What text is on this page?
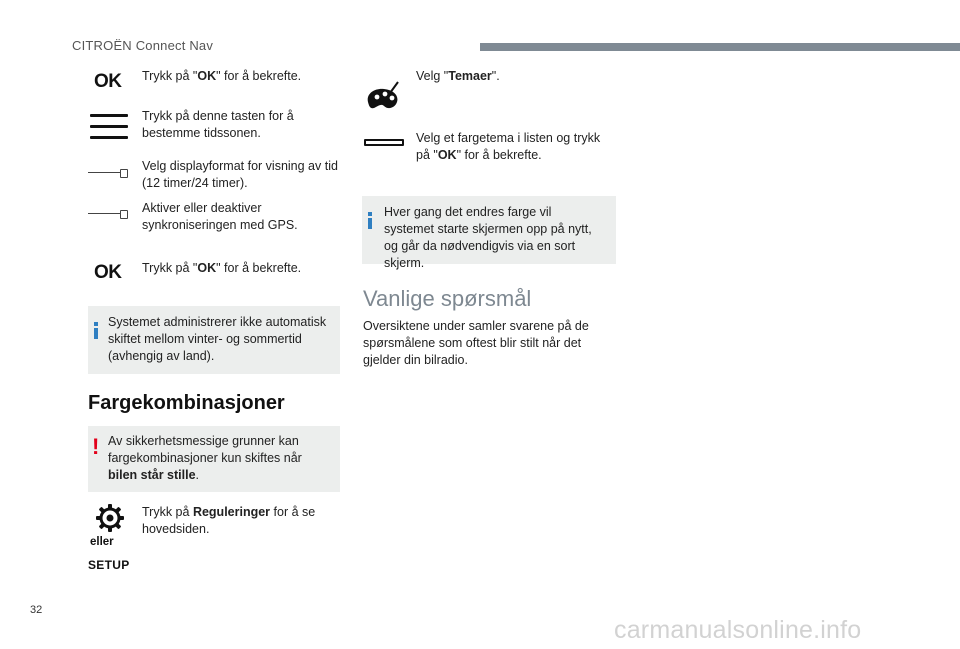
CITROËN Connect Nav
OK Trykk på "OK" for å bekrefte.
Trykk på denne tasten for å bestemme tidssonen.
Velg displayformat for visning av tid (12 timer/24 timer).
Aktiver eller deaktiver synkroniseringen med GPS.
OK Trykk på "OK" for å bekrefte.
Systemet administrerer ikke automatisk skiftet mellom vinter- og sommertid (avhengig av land).
Fargekombinasjoner
! Av sikkerhetsmessige grunner kan fargekombinasjoner kun skiftes når bilen står stille.
eller
SETUP
Trykk på Reguleringer for å se hovedsiden.
Velg "Temaer".
Velg et fargetema i listen og trykk på "OK" for å bekrefte.
Hver gang det endres farge vil systemet starte skjermen opp på nytt, og går da nødvendigvis via en sort skjerm.
Vanlige spørsmål
Oversiktene under samler svarene på de spørsmålene som oftest blir stilt når det gjelder din bilradio.
32
carmanualsonline.info
